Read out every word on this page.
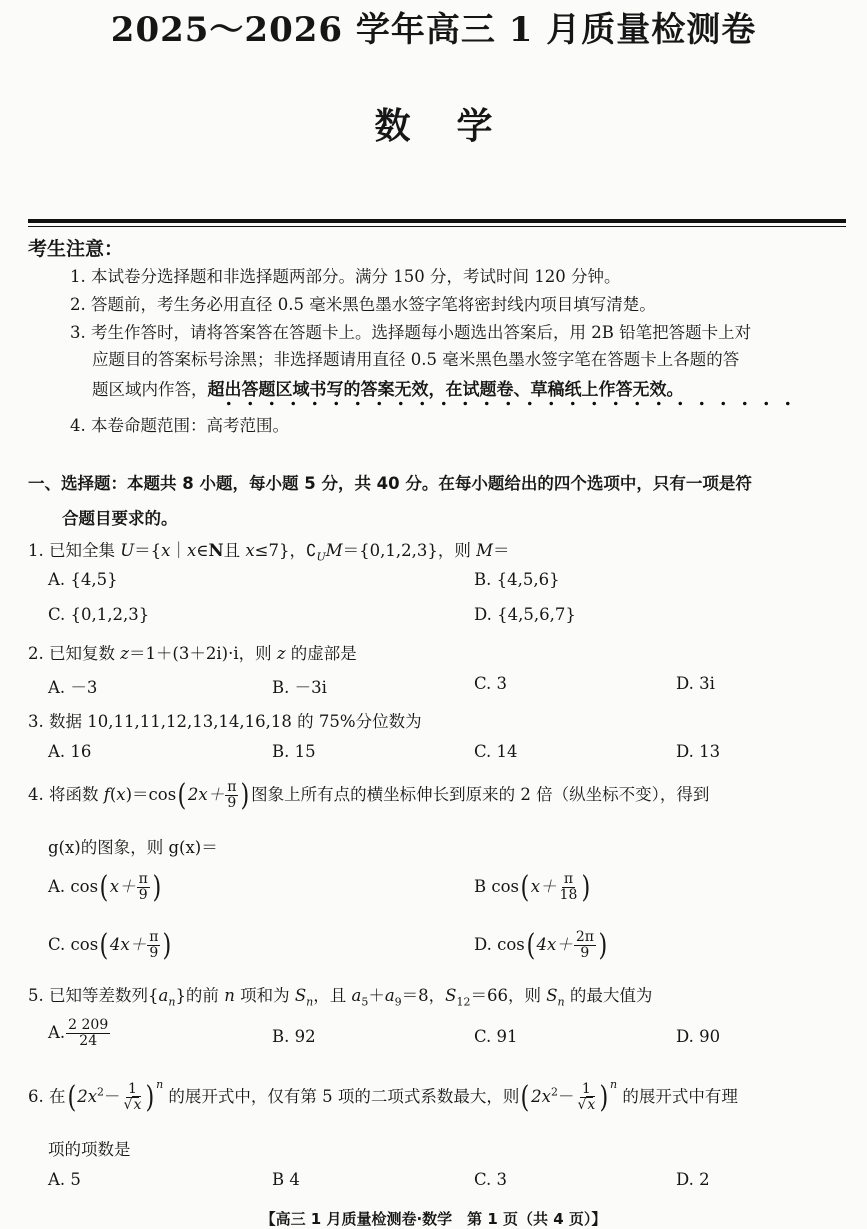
2025～2026 学年高三 1 月质量检测卷
数学
考生注意：
1. 本试卷分选择题和非选择题两部分。满分 150 分，考试时间 120 分钟。
2. 答题前，考生务必用直径 0.5 毫米黑色墨水签字笔将密封线内项目填写清楚。
3. 考生作答时，请将答案答在答题卡上。选择题每小题选出答案后，用 2B 铅笔把答题卡上对
应题目的答案标号涂黑；非选择题请用直径 0.5 毫米黑色墨水签字笔在答题卡上各题的答
题区域内作答，超出答题区域书写的答案无效，在试题卷、草稿纸上作答无效。
4. 本卷命题范围：高考范围。
一、选择题：本题共 8 小题，每小题 5 分，共 40 分。在每小题给出的四个选项中，只有一项是符
合题目要求的。
1. 已知全集 U＝{x｜x∈N且 x≤7}，$∁_UM=\{0,1,2,3\}$，则 M＝
A. {4,5}	B. {4,5,6}
C. {0,1,2,3}	D. {4,5,6,7}
2. 已知复数 z＝1＋(3＋2i)·i，则 z 的虚部是
A. －3	B. －3i	C. 3	D. 3i
3. 数据 10,11,11,12,13,14,16,18 的 75%分位数为
A. 16	B. 15	C. 14	D. 13
4. 将函数 $f(x)=\cos(2x+ \frac{\pi}{9}$ )图象上所有点的横坐标伸长到原来的 2 倍（纵坐标不变），得到
g(x)的图象，则 g(x)＝
A. $\cos(x+ \frac{\pi}{9}$ )	B $\cos(x+ \frac{\pi}{18}$ )
C. $\cos(4x+ \frac{\pi}{9}$ )	D. $\cos(4x+ \frac{2\pi}{9}$ )
5. 已知等差数列$\{a_n\}$的前 n 项和为 $S_n$，且 $a_5+a_9=8$，$S_{12}=66$，则 $S_n$ 的最大值为
A. $\frac{2 209}{24}$	B. 92	C. 91	D. 90
6. 在$(2x^2- \frac{1}{√x} )^n$ 的展开式中，仅有第 5 项的二项式系数最大，则$(2x^2- \frac{1}{√x} )^n$ 的展开式中有理
项的项数是
A. 5	B 4	C. 3	D. 2
【高三 1 月质量检测卷·数学　第 1 页（共 4 页）】
